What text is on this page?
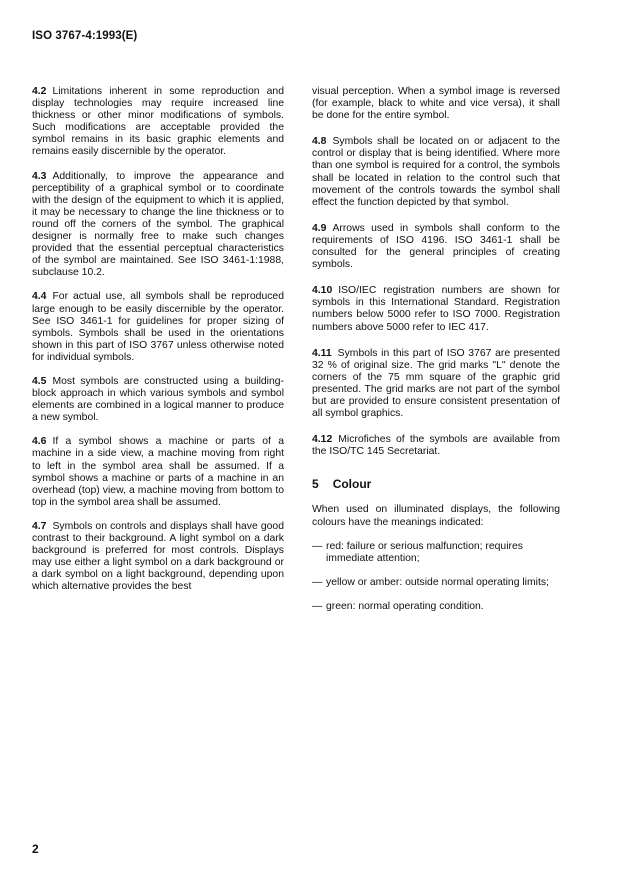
ISO 3767-4:1993(E)

4.2 Limitations inherent in some reproduction and display technologies may require increased line thickness or other minor modifications of symbols. Such modifications are acceptable provided the symbol remains in its basic graphic elements and remains easily discernible by the operator.

4.3 Additionally, to improve the appearance and perceptibility of a graphical symbol or to coordinate with the design of the equipment to which it is applied, it may be necessary to change the line thickness or to round off the corners of the symbol. The graphical designer is normally free to make such changes provided that the essential perceptual characteristics of the symbol are maintained. See ISO 3461-1:1988, subclause 10.2.

4.4 For actual use, all symbols shall be reproduced large enough to be easily discernible by the operator. See ISO 3461-1 for guidelines for proper sizing of symbols. Symbols shall be used in the orientations shown in this part of ISO 3767 unless otherwise noted for individual symbols.

4.5 Most symbols are constructed using a building-block approach in which various symbols and symbol elements are combined in a logical manner to produce a new symbol.

4.6 If a symbol shows a machine or parts of a machine in a side view, a machine moving from right to left in the symbol area shall be assumed. If a symbol shows a machine or parts of a machine in an overhead (top) view, a machine moving from bottom to top in the symbol area shall be assumed.

4.7 Symbols on controls and displays shall have good contrast to their background. A light symbol on a dark background is preferred for most controls. Displays may use either a light symbol on a dark background or a dark symbol on a light background, depending upon which alternative provides the best

visual perception. When a symbol image is reversed (for example, black to white and vice versa), it shall be done for the entire symbol.

4.8 Symbols shall be located on or adjacent to the control or display that is being identified. Where more than one symbol is required for a control, the symbols shall be located in relation to the control such that movement of the controls towards the symbol shall effect the function depicted by that symbol.

4.9 Arrows used in symbols shall conform to the requirements of ISO 4196. ISO 3461-1 shall be consulted for the general principles of creating symbols.

4.10 ISO/IEC registration numbers are shown for symbols in this International Standard. Registration numbers below 5000 refer to ISO 7000. Registration numbers above 5000 refer to IEC 417.

4.11 Symbols in this part of ISO 3767 are presented 32 % of original size. The grid marks "L" denote the corners of the 75 mm square of the graphic grid presented. The grid marks are not part of the symbol but are provided to ensure consistent presentation of all symbol graphics.

4.12 Microfiches of the symbols are available from the ISO/TC 145 Secretariat.

5 Colour

When used on illuminated displays, the following colours have the meanings indicated:

— red: failure or serious malfunction; requires immediate attention;
— yellow or amber: outside normal operating limits;
— green: normal operating condition.
2
